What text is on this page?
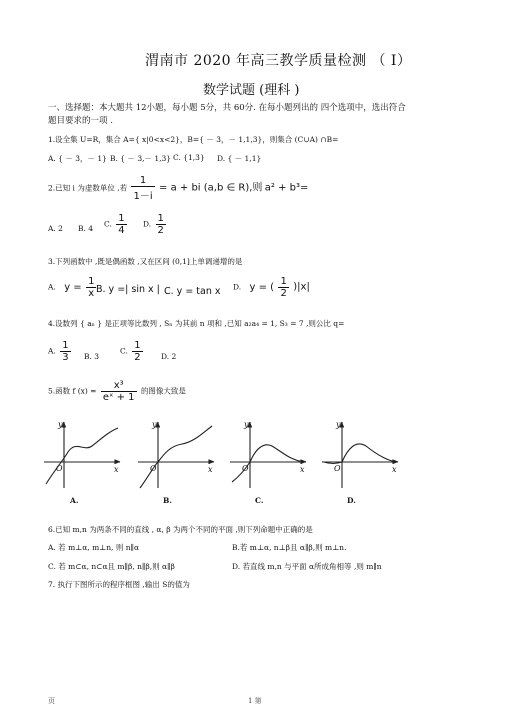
渭南市 2020 年高三教学质量检测 （ Ⅰ）
数学试题 (理科 )
一、选择题：本大题共 12小题，每小题 5分，共 60分. 在每小题列出的 四个选项中，选出符合
题目要求的一项 .
1.设全集 U=R，集合 A={ x|0<x<2}，B={ － 3，－ 1,1,3}，则集合 (C∪A) ∩B=
A. { － 3，－ 1} B. { － 3,－ 1,3} C. {1,3} D. { － 1,1}
2.已知 i 为虚数单位 ,若 $\frac{1}{1-i} = a$ + bi (a,b ∈ R),则 a² + b³=
A. 2 B. 4 C. $\frac{1}{4} D$. $\frac{1}{2}$
3.下列函数中 ,既是偶函数 ,又在区间 (0,1]上单调递增的是
A. $y = \frac{1}{x} B$. y =| sin x | C. y = tan x D. y = ( $\frac{1}{2} )|x|$
4.设数列 { aₙ } 是正项等比数列 , Sₙ 为其前 n 项和 ,已知 a₂a₄ = 1, S₃ = 7 ,则公比 q=
A. $\frac{1}{3} B$. 3
C. $\frac{1}{2} D$. 2
5.函数 f $(x) = \frac{\text{x³}}{\text{eˣ + 1}}$ 的图像大致是
y
x
O
y
x
O
y
x
O
y
x
O
A.	B.	C.	D.
6.已知 m,n 为两条不同的直线 , α, β 为两个不同的平面 ,则下列命题中正确的是
A. 若 m⊥α, m⊥n, 则 n∥α	B.若 m⊥α, n⊥β且 α∥β,则 m⊥n.
C. 若 m⊂α, n⊂α且 m∥β, n∥β,则 α∥β	D. 若直线 m,n 与平面 α所成角相等 ,则 m∥n
7. 执行下图所示的程序框图 ,输出 S的值为
页	1 第
